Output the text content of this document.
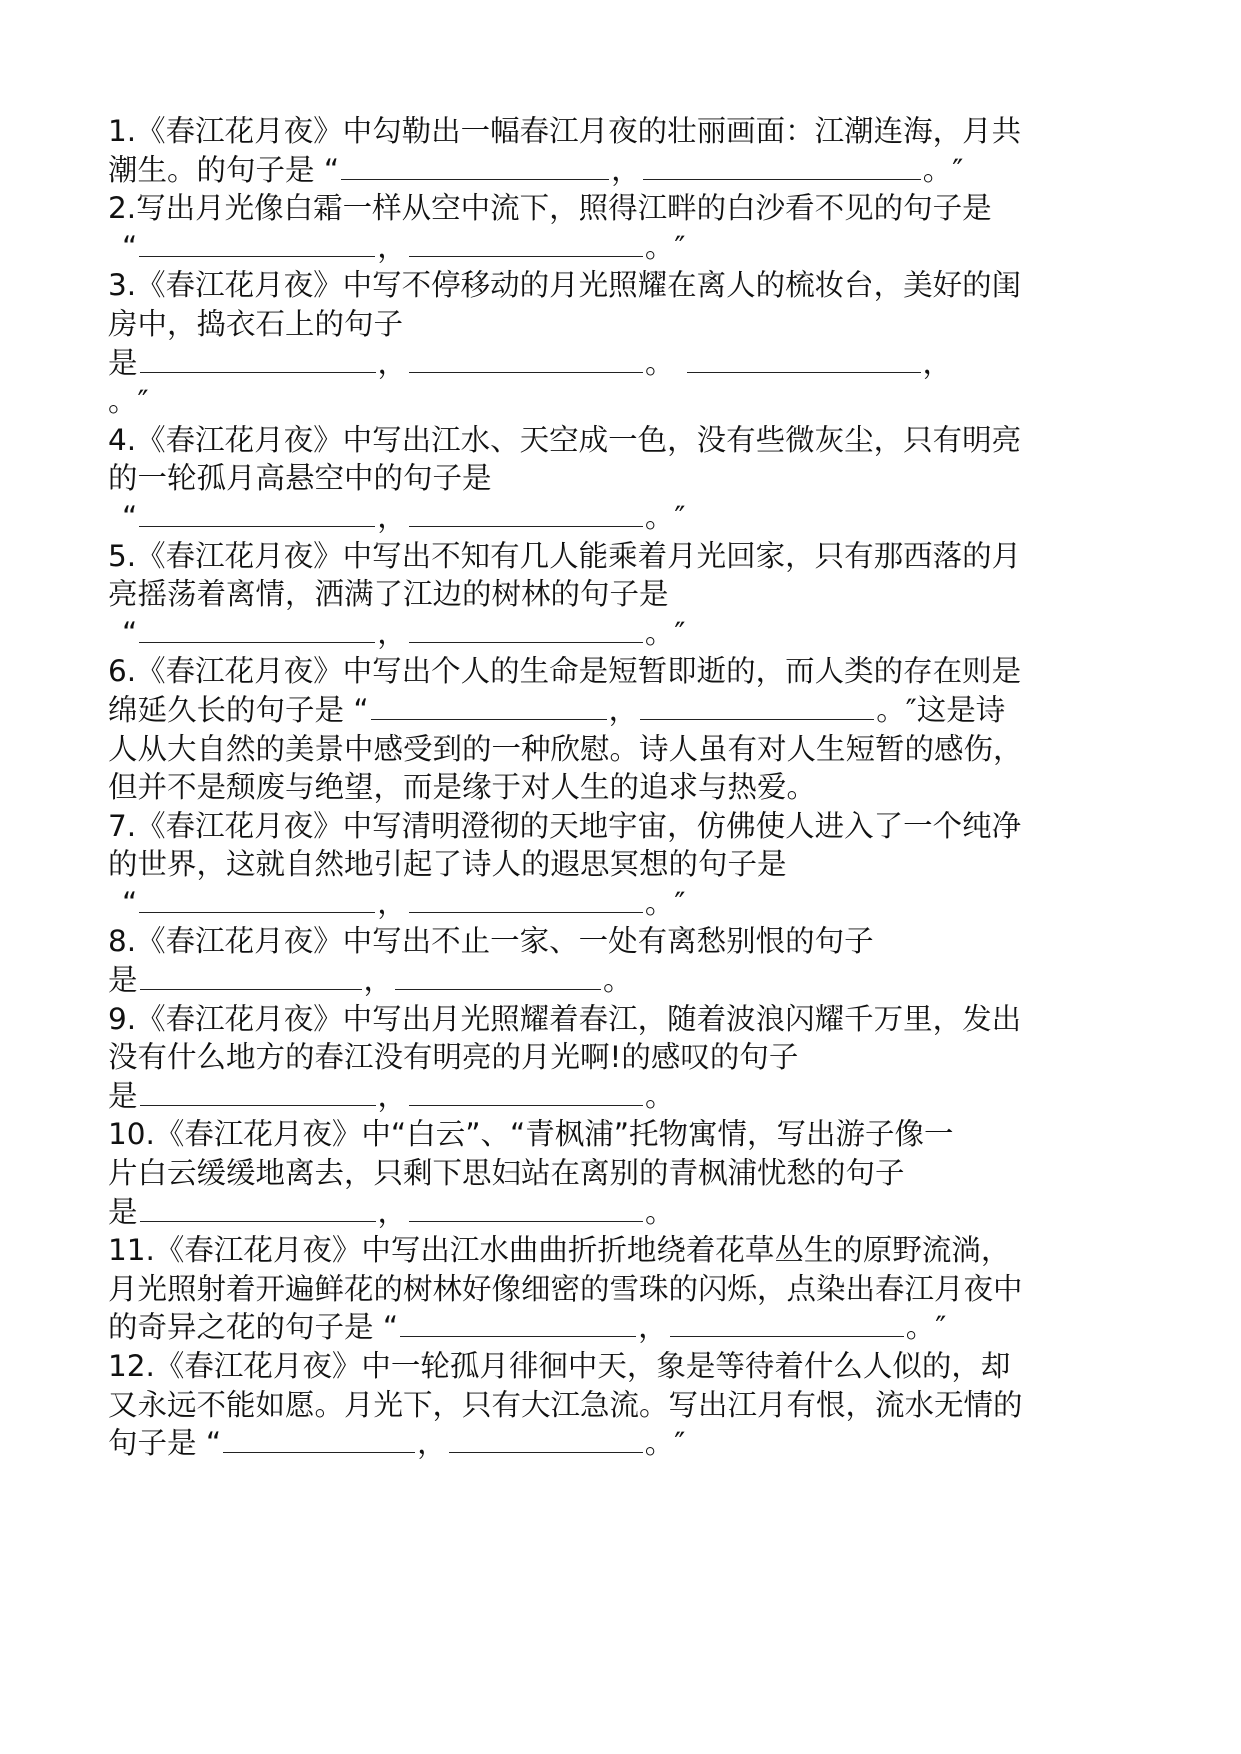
1.《春江花月夜》中勾勒出一幅春江月夜的壮丽画面：江潮连海，月共
潮生。的句子是 “	，	。″
2.写出月光像白霜一样从空中流下，照得江畔的白沙看不见的句子是
“	，	。″
3.《春江花月夜》中写不停移动的月光照耀在离人的梳妆台，美好的闺
房中，捣衣石上的句子
是	，	。	，
。″
4.《春江花月夜》中写出江水、天空成一色，没有些微灰尘，只有明亮
的一轮孤月高悬空中的句子是
“	，	。″
5.《春江花月夜》中写出不知有几人能乘着月光回家，只有那西落的月
亮摇荡着离情，洒满了江边的树林的句子是
“	，	。″
6.《春江花月夜》中写出个人的生命是短暂即逝的，而人类的存在则是
绵延久长的句子是 “	，	。″这是诗
人从大自然的美景中感受到的一种欣慰。诗人虽有对人生短暂的感伤，
但并不是颓废与绝望，而是缘于对人生的追求与热爱。
7.《春江花月夜》中写清明澄彻的天地宇宙，仿佛使人进入了一个纯净
的世界，这就自然地引起了诗人的遐思冥想的句子是
“	，	。″
8.《春江花月夜》中写出不止一家、一处有离愁别恨的句子
是	，	。
9.《春江花月夜》中写出月光照耀着春江，随着波浪闪耀千万里，发出
没有什么地方的春江没有明亮的月光啊!的感叹的句子
是	，	。
10.《春江花月夜》中“白云”、“青枫浦”托物寓情，写出游子像一
片白云缓缓地离去，只剩下思妇站在离别的青枫浦忧愁的句子
是	，	。
11.《春江花月夜》中写出江水曲曲折折地绕着花草丛生的原野流淌，
月光照射着开遍鲜花的树林好像细密的雪珠的闪烁，点染出春江月夜中
的奇异之花的句子是 “	，	。″
12.《春江花月夜》中一轮孤月徘徊中天，象是等待着什么人似的，却
又永远不能如愿。月光下，只有大江急流。写出江月有恨，流水无情的
句子是 “	，	。″
